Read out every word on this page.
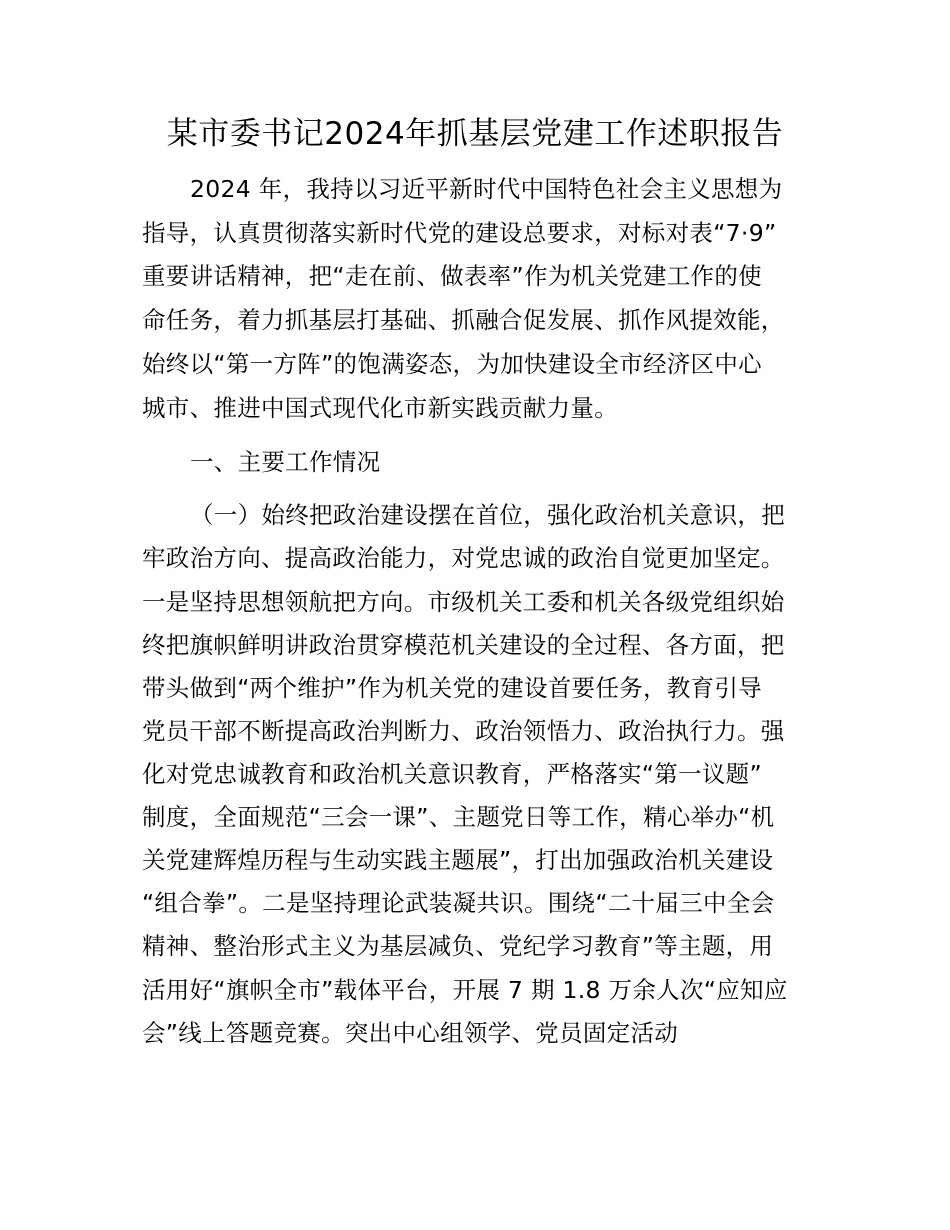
某市委书记2024年抓基层党建工作述职报告
2024 年，我持以习近平新时代中国特色社会主义思想为
指导，认真贯彻落实新时代党的建设总要求，对标对表“7·9”
重要讲话精神，把“走在前、做表率”作为机关党建工作的使
命任务，着力抓基层打基础、抓融合促发展、抓作风提效能，
始终以“第一方阵”的饱满姿态，为加快建设全市经济区中心
城市、推进中国式现代化市新实践贡献力量。
一、主要工作情况
（一）始终把政治建设摆在首位，强化政治机关意识，把
牢政治方向、提高政治能力，对党忠诚的政治自觉更加坚定。
一是坚持思想领航把方向。市级机关工委和机关各级党组织始
终把旗帜鲜明讲政治贯穿模范机关建设的全过程、各方面，把
带头做到“两个维护”作为机关党的建设首要任务，教育引导
党员干部不断提高政治判断力、政治领悟力、政治执行力。强
化对党忠诚教育和政治机关意识教育，严格落实“第一议题”
制度，全面规范“三会一课”、主题党日等工作，精心举办“机
关党建辉煌历程与生动实践主题展”，打出加强政治机关建设
“组合拳”。二是坚持理论武装凝共识。围绕“二十届三中全会
精神、整治形式主义为基层减负、党纪学习教育”等主题，用
活用好“旗帜全市”载体平台，开展 7 期 1.8 万余人次“应知应
会”线上答题竞赛。突出中心组领学、党员固定活动
